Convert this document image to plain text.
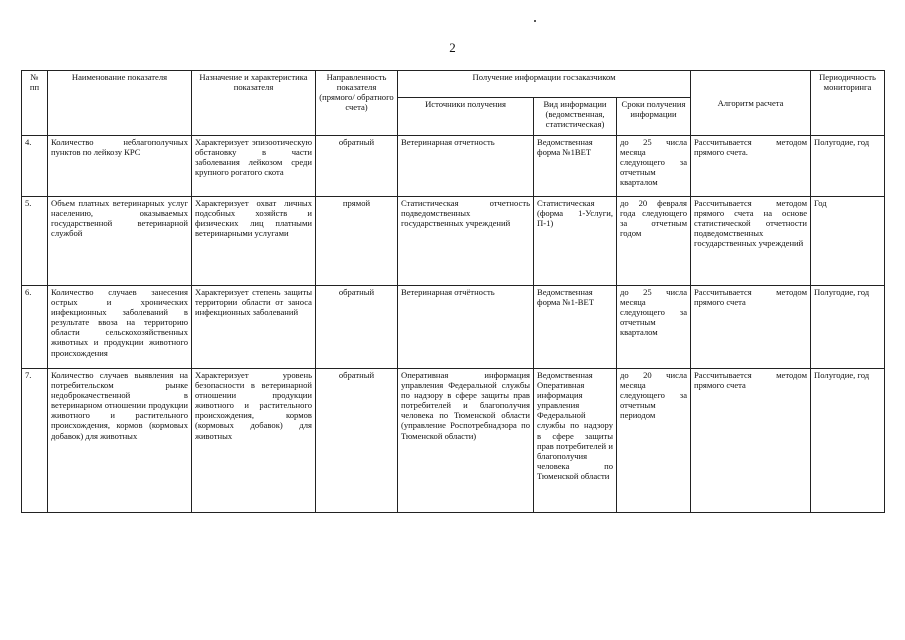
2
№ пп	Наименование показателя	Назначение и характеристика показателя	Направленность показателя (прямого/ обратного счета)	Получение информации госзаказчиком			Алгоритм расчета	Периодичность мониторинга
				Источники получения	Вид информации (ведомственная, статистическая)	Сроки получения информации		
4.	Количество неблагополучных пунктов по лейкозу КРС	Характеризует эпизоотическую обстановку в части заболевания лейкозом среди крупного рогатого скота	обратный	Ветеринарная отчетность	Ведомственная форма №1ВЕТ	до 25 числа месяца следующего за отчетным кварталом	Рассчитывается методом прямого счета.	Полугодие, год
5.	Объем платных ветеринарных услуг населению, оказываемых государственной ветеринарной службой	Характеризует охват личных подсобных хозяйств и физических лиц платными ветеринарными услугами	прямой	Статистическая отчетность подведомственных государственных учреждений	Статистическая (форма 1-Услуги, П-1)	до 20 февраля года следующего за отчетным годом	Рассчитывается методом прямого счета на основе статистической отчетности подведомственных государственных учреждений	Год
6.	Количество случаев занесения острых и хронических инфекционных заболеваний в результате ввоза на территорию области сельскохозяйственных животных и продукции животного происхождения	Характеризует степень защиты территории области от заноса инфекционных заболеваний	обратный	Ветеринарная отчётность	Ведомственная форма №1-ВЕТ	до 25 числа месяца следующего за отчетным кварталом	Рассчитывается методом прямого счета	Полугодие, год
7.	Количество случаев выявления на потребительском рынке недоброкачественной в ветеринарном отношении продукции животного и растительного происхождения, кормов (кормовых добавок) для животных	Характеризует уровень безопасности в ветеринарной отношении продукции животного и растительного происхождения, кормов (кормовых добавок) для животных	обратный	Оперативная информация управления Федеральной службы по надзору в сфере защиты прав потребителей и благополучия человека по Тюменской области (управление Роспотребнадзора по Тюменской области)	Ведомственная Оперативная информация управления Федеральной службы по надзору в сфере защиты прав потребителей и благополучия человека по Тюменской области	до 20 числа месяца следующего за отчетным периодом	Рассчитывается методом прямого счета	Полугодие, год
